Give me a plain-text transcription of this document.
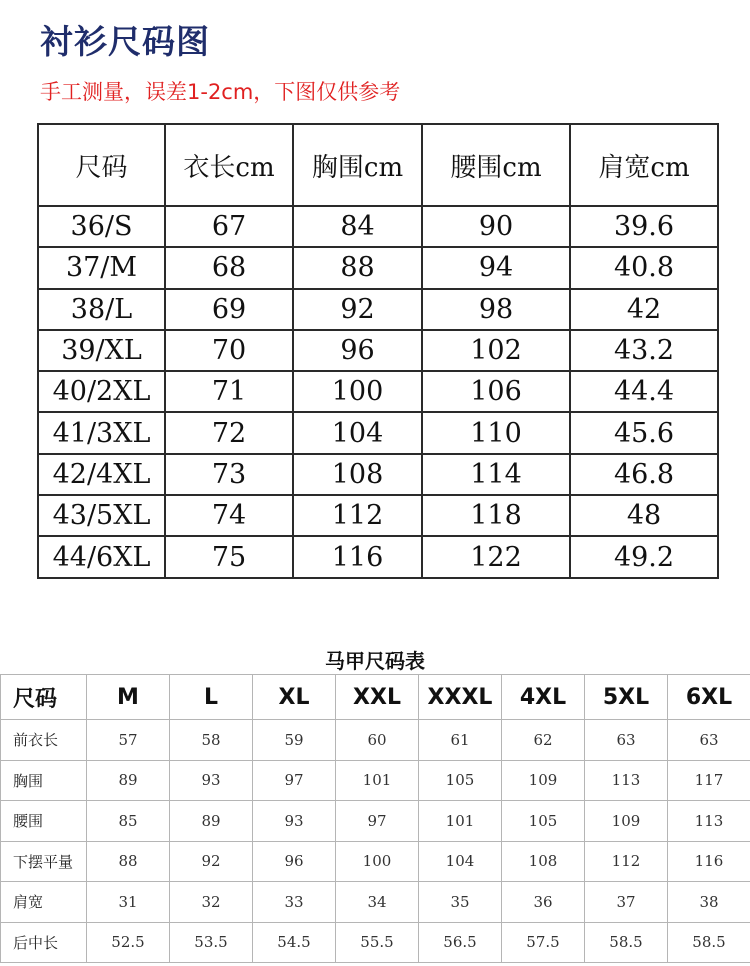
衬衫尺码图
手工测量，误差1-2cm，下图仅供参考
尺码	衣长cm	胸围cm	腰围cm	肩宽cm
36/S	67	84	90	39.6
37/M	68	88	94	40.8
38/L	69	92	98	42
39/XL	70	96	102	43.2
40/2XL	71	100	106	44.4
41/3XL	72	104	110	45.6
42/4XL	73	108	114	46.8
43/5XL	74	112	118	48
44/6XL	75	116	122	49.2
马甲尺码表
尺码	M	L	XL	XXL	XXXL	4XL	5XL	6XL
前衣长	57	58	59	60	61	62	63	63
胸围	89	93	97	101	105	109	113	117
腰围	85	89	93	97	101	105	109	113
下摆平量	88	92	96	100	104	108	112	116
肩宽	31	32	33	34	35	36	37	38
后中长	52.5	53.5	54.5	55.5	56.5	57.5	58.5	58.5
